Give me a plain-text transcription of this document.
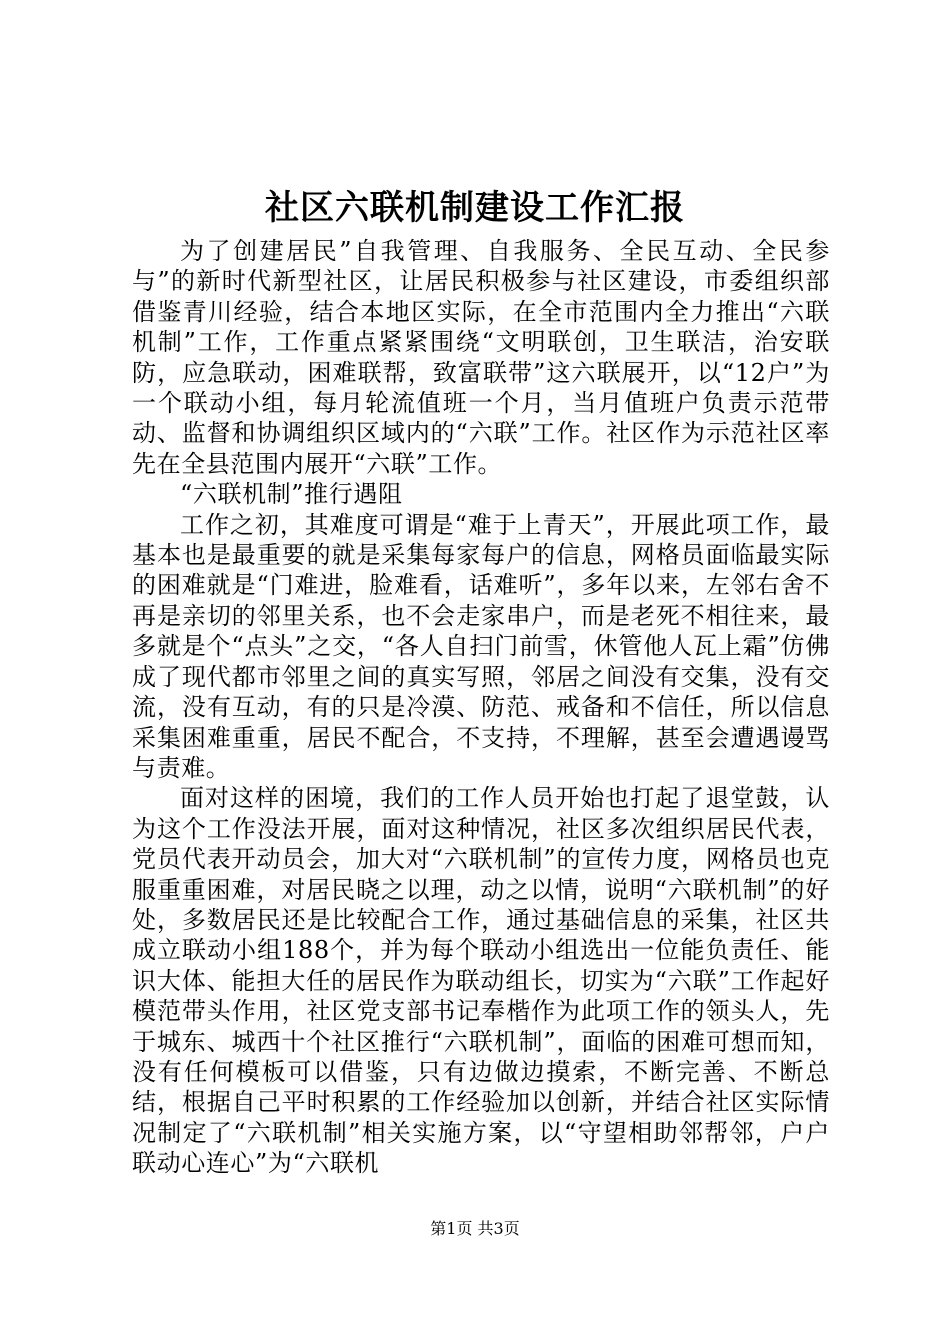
社区六联机制建设工作汇报

为了创建居民”自我管理、自我服务、全民互动、全民参与”的新时代新型社区，让居民积极参与社区建设，市委组织部借鉴青川经验，结合本地区实际，在全市范围内全力推出“六联机制”工作，工作重点紧紧围绕“文明联创，卫生联洁，治安联防，应急联动，困难联帮，致富联带”这六联展开，以“12户”为一个联动小组，每月轮流值班一个月，当月值班户负责示范带动、监督和协调组织区域内的“六联”工作。社区作为示范社区率先在全县范围内展开“六联”工作。

“六联机制”推行遇阻

工作之初，其难度可谓是“难于上青天”，开展此项工作，最基本也是最重要的就是采集每家每户的信息，网格员面临最实际的困难就是“门难进，脸难看，话难听”，多年以来，左邻右舍不再是亲切的邻里关系，也不会走家串户，而是老死不相往来，最多就是个“点头”之交，“各人自扫门前雪，休管他人瓦上霜”仿佛成了现代都市邻里之间的真实写照，邻居之间没有交集，没有交流，没有互动，有的只是冷漠、防范、戒备和不信任，所以信息采集困难重重，居民不配合，不支持，不理解，甚至会遭遇谩骂与责难。

面对这样的困境，我们的工作人员开始也打起了退堂鼓，认为这个工作没法开展，面对这种情况，社区多次组织居民代表，党员代表开动员会，加大对“六联机制”的宣传力度，网格员也克服重重困难，对居民晓之以理，动之以情，说明“六联机制”的好处，多数居民还是比较配合工作，通过基础信息的采集，社区共成立联动小组188个，并为每个联动小组选出一位能负责任、能识大体、能担大任的居民作为联动组长，切实为“六联”工作起好模范带头作用，社区党支部书记奉楷作为此项工作的领头人，先于城东、城西十个社区推行“六联机制”，面临的困难可想而知，没有任何模板可以借鉴，只有边做边摸索，不断完善、不断总结，根据自己平时积累的工作经验加以创新，并结合社区实际情况制定了“六联机制”相关实施方案，以“守望相助邻帮邻，户户联动心连心”为“六联机

第1页 共3页
